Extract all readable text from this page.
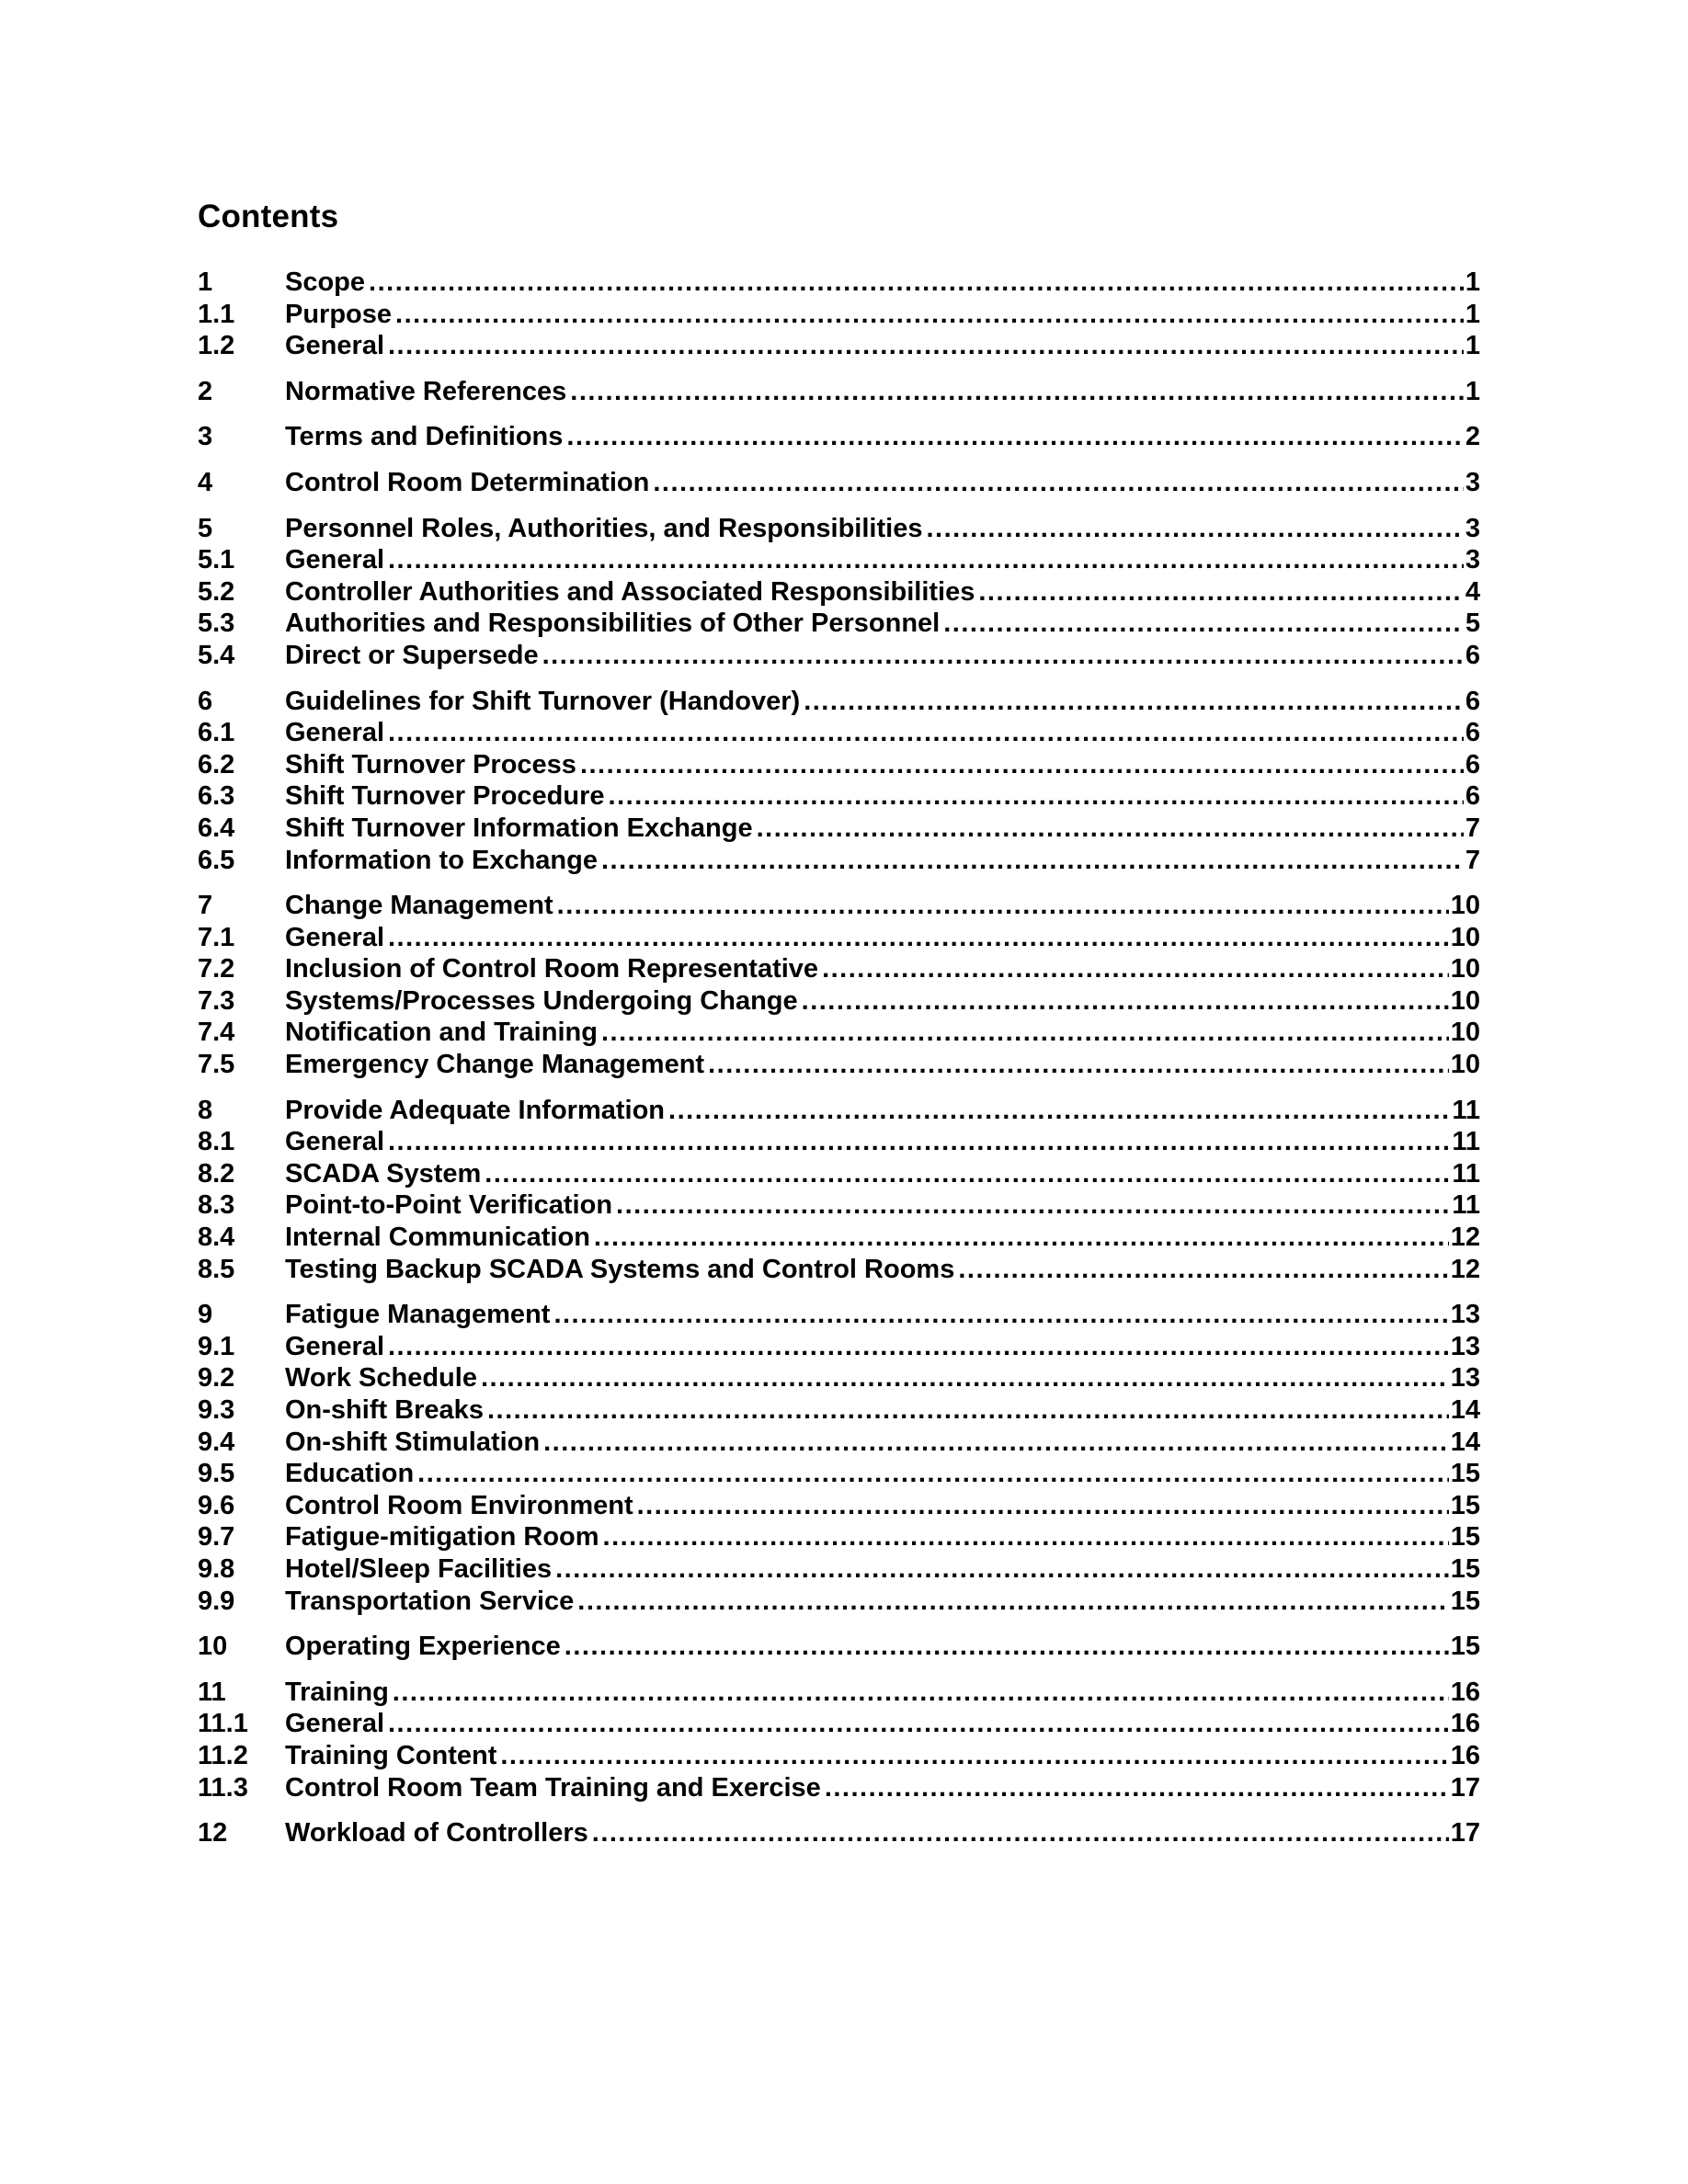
Contents
1	Scope .....	1
1.1	Purpose .....	1
1.2	General .....	1
2	Normative References .....	1
3	Terms and Definitions .....	2
4	Control Room Determination .....	3
5	Personnel Roles, Authorities, and Responsibilities .....	3
5.1	General .....	3
5.2	Controller Authorities and Associated Responsibilities .....	4
5.3	Authorities and Responsibilities of Other Personnel .....	5
5.4	Direct or Supersede .....	6
6	Guidelines for Shift Turnover (Handover) .....	6
6.1	General .....	6
6.2	Shift Turnover Process .....	6
6.3	Shift Turnover Procedure .....	6
6.4	Shift Turnover Information Exchange .....	7
6.5	Information to Exchange .....	7
7	Change Management .....	10
7.1	General .....	10
7.2	Inclusion of Control Room Representative .....	10
7.3	Systems/Processes Undergoing Change .....	10
7.4	Notification and Training .....	10
7.5	Emergency Change Management .....	10
8	Provide Adequate Information .....	11
8.1	General .....	11
8.2	SCADA System .....	11
8.3	Point-to-Point Verification .....	11
8.4	Internal Communication .....	12
8.5	Testing Backup SCADA Systems and Control Rooms .....	12
9	Fatigue Management .....	13
9.1	General .....	13
9.2	Work Schedule .....	13
9.3	On-shift Breaks .....	14
9.4	On-shift Stimulation .....	14
9.5	Education .....	15
9.6	Control Room Environment .....	15
9.7	Fatigue-mitigation Room .....	15
9.8	Hotel/Sleep Facilities .....	15
9.9	Transportation Service .....	15
10	Operating Experience .....	15
11	Training .....	16
11.1	General .....	16
11.2	Training Content .....	16
11.3	Control Room Team Training and Exercise .....	17
12	Workload of Controllers .....	17
